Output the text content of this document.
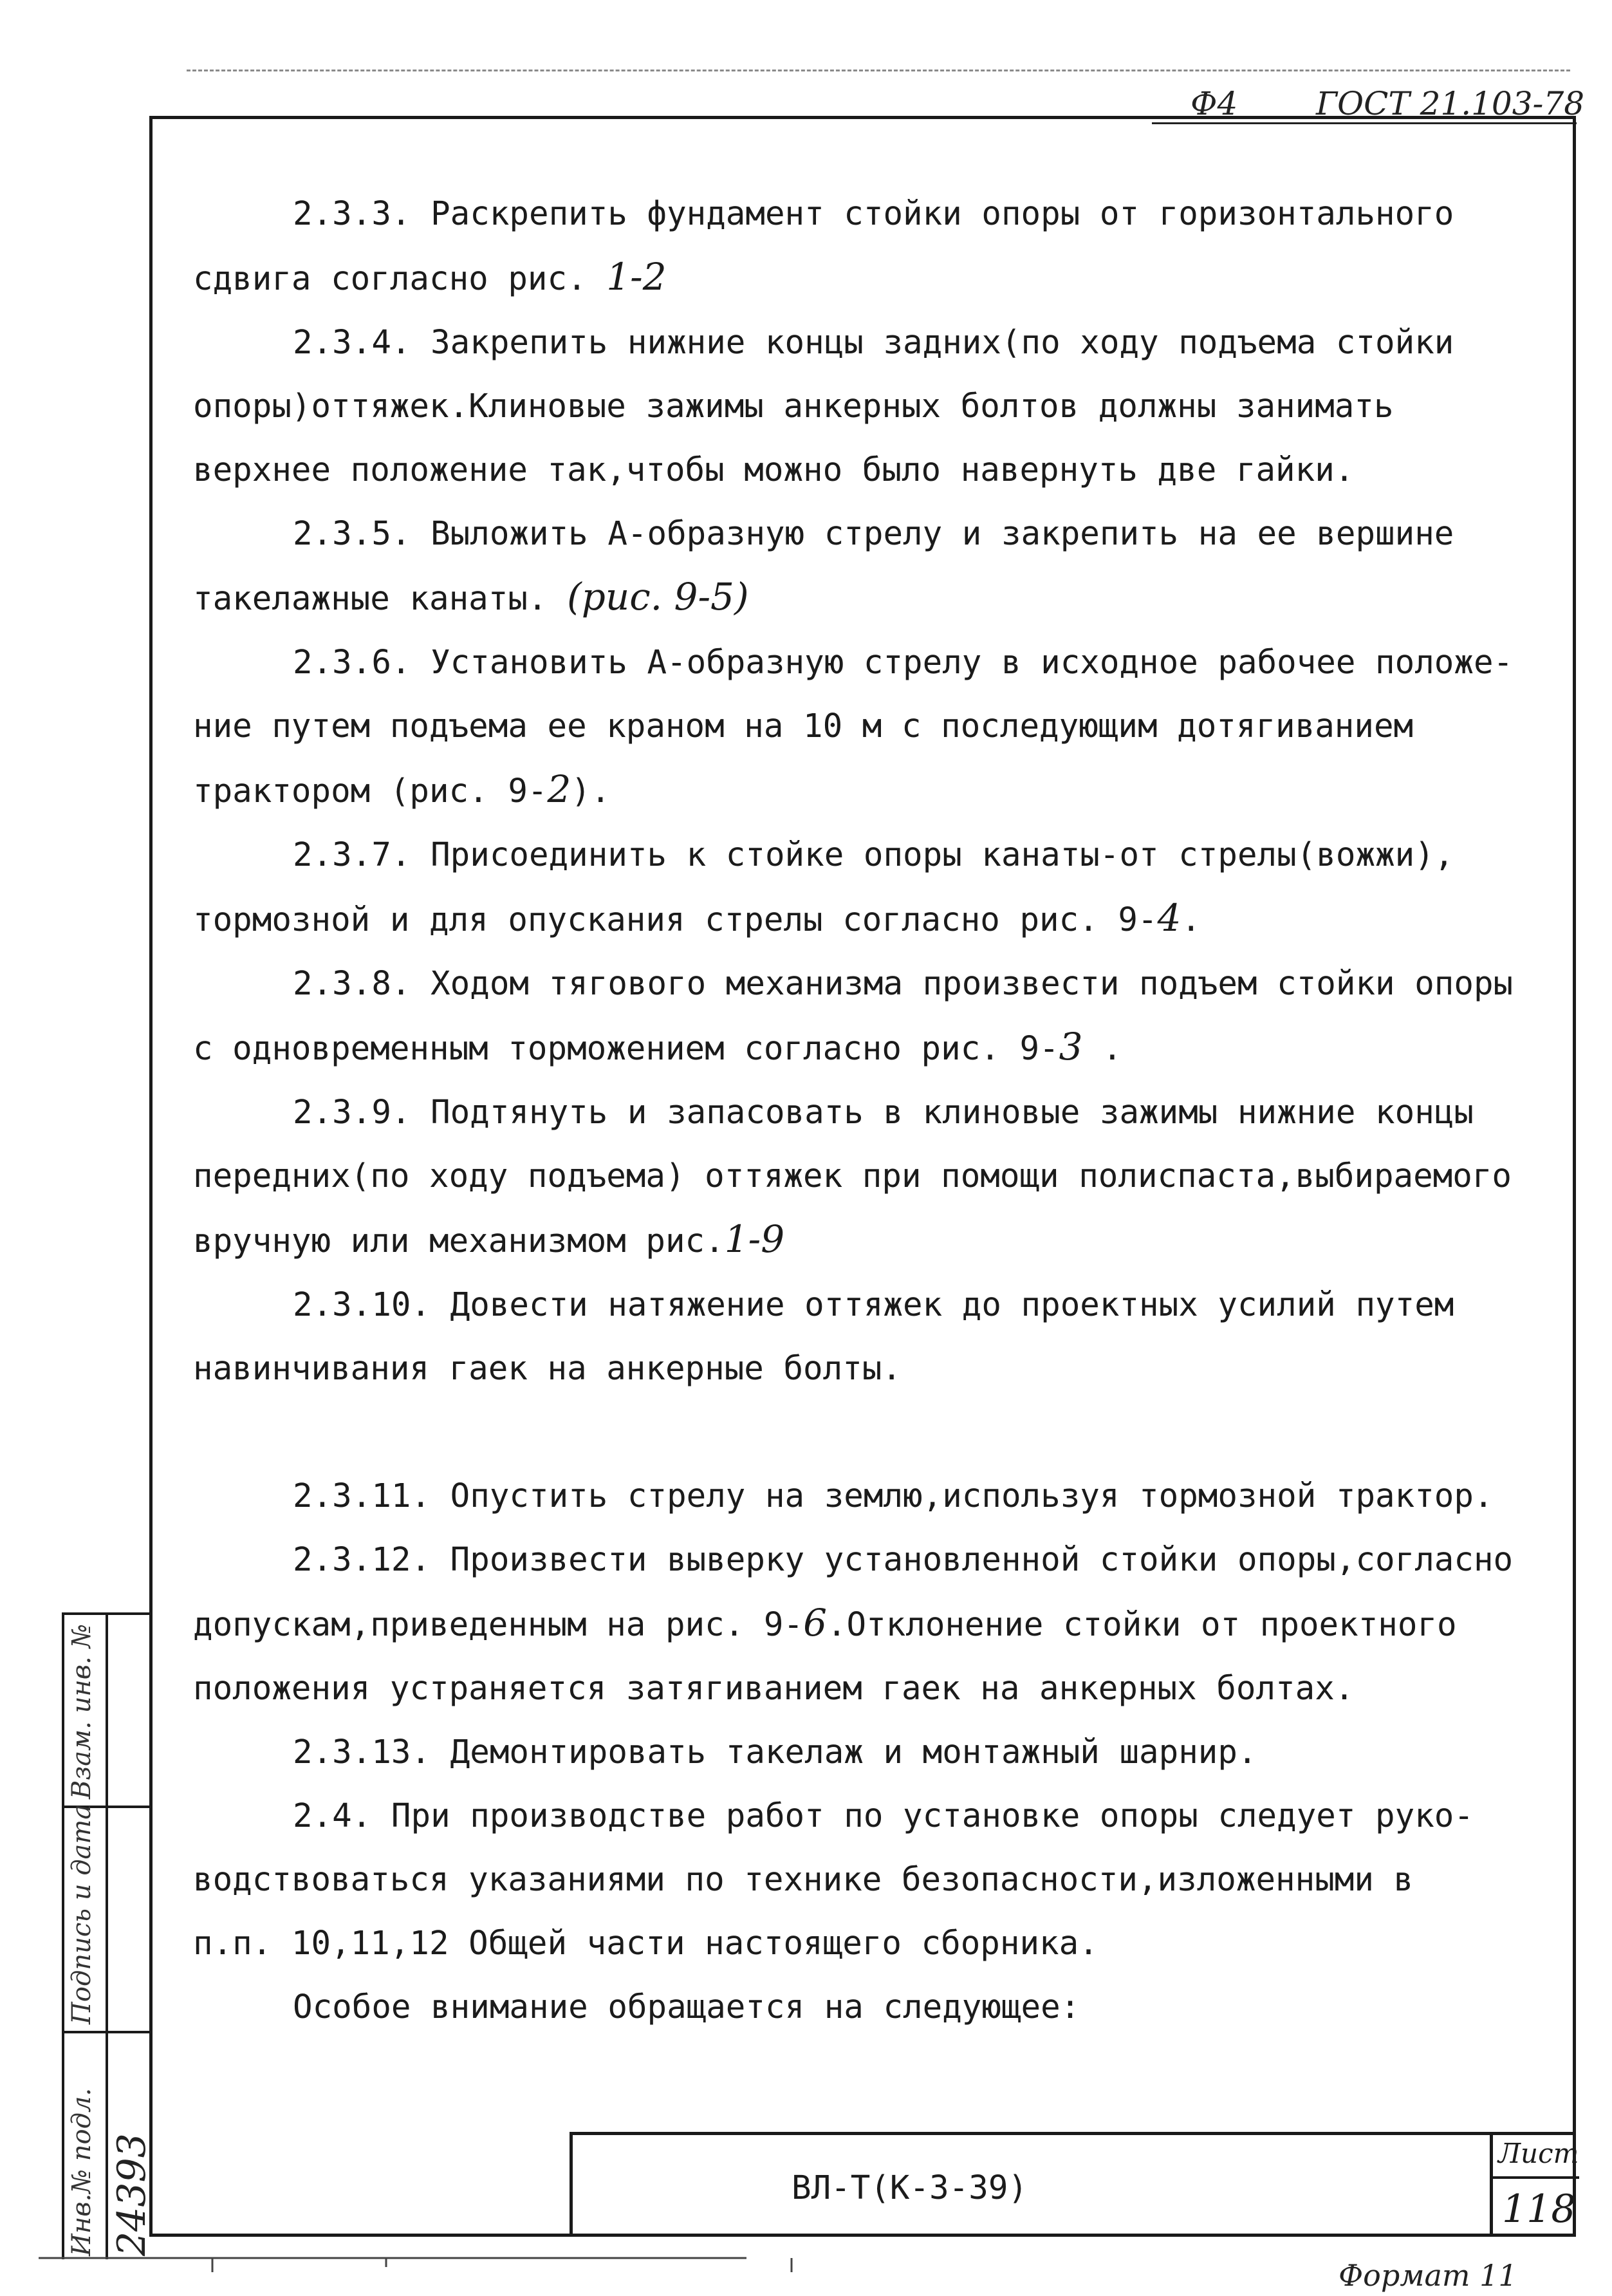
Ф4 ГОСТ 21.103-78
2.3.3. Раскрепить фундамент стойки опоры от горизонтального
сдвига согласно рис. 1-2
2.3.4. Закрепить нижние концы задних(по ходу подъема стойки
опоры)оттяжек.Клиновые зажимы анкерных болтов должны занимать
верхнее положение так,чтобы можно было навернуть две гайки.
2.3.5. Выложить А-образную стрелу и закрепить на ее вершине
такелажные канаты. (рис. 9-5)
2.3.6. Установить А-образную стрелу в исходное рабочее положе-
ние путем подъема ее краном на 10 м с последующим дотягиванием
трактором (рис. 9-2).
2.3.7. Присоединить к стойке опоры канаты-от стрелы(вожжи),
тормозной и для опускания стрелы согласно рис. 9-4.
2.3.8. Ходом тягового механизма произвести подъем стойки опоры
с одновременным торможением согласно рис. 9-3 .
2.3.9. Подтянуть и запасовать в клиновые зажимы нижние концы
передних(по ходу подъема) оттяжек при помощи полиспаста,выбираемого
вручную или механизмом рис.1-9
2.3.10. Довести натяжение оттяжек до проектных усилий путем
навинчивания гаек на анкерные болты.
2.3.11. Опустить стрелу на землю,используя тормозной трактор.
2.3.12. Произвести выверку установленной стойки опоры,согласно
допускам,приведенным на рис. 9-6.Отклонение стойки от проектного
положения устраняется затягиванием гаек на анкерных болтах.
2.3.13. Демонтировать такелаж и монтажный шарнир.
2.4. При производстве работ по установке опоры следует руко-
водствоваться указаниями по технике безопасности,изложенными в
п.п. 10,11,12 Общей части настоящего сборника.
Особое внимание обращается на следующее:
Инв.№ подл.
Подпись и дата
Взам. инв. №
24393	ВЛ-Т(К-3-39)
Лист
118
Формат 11
